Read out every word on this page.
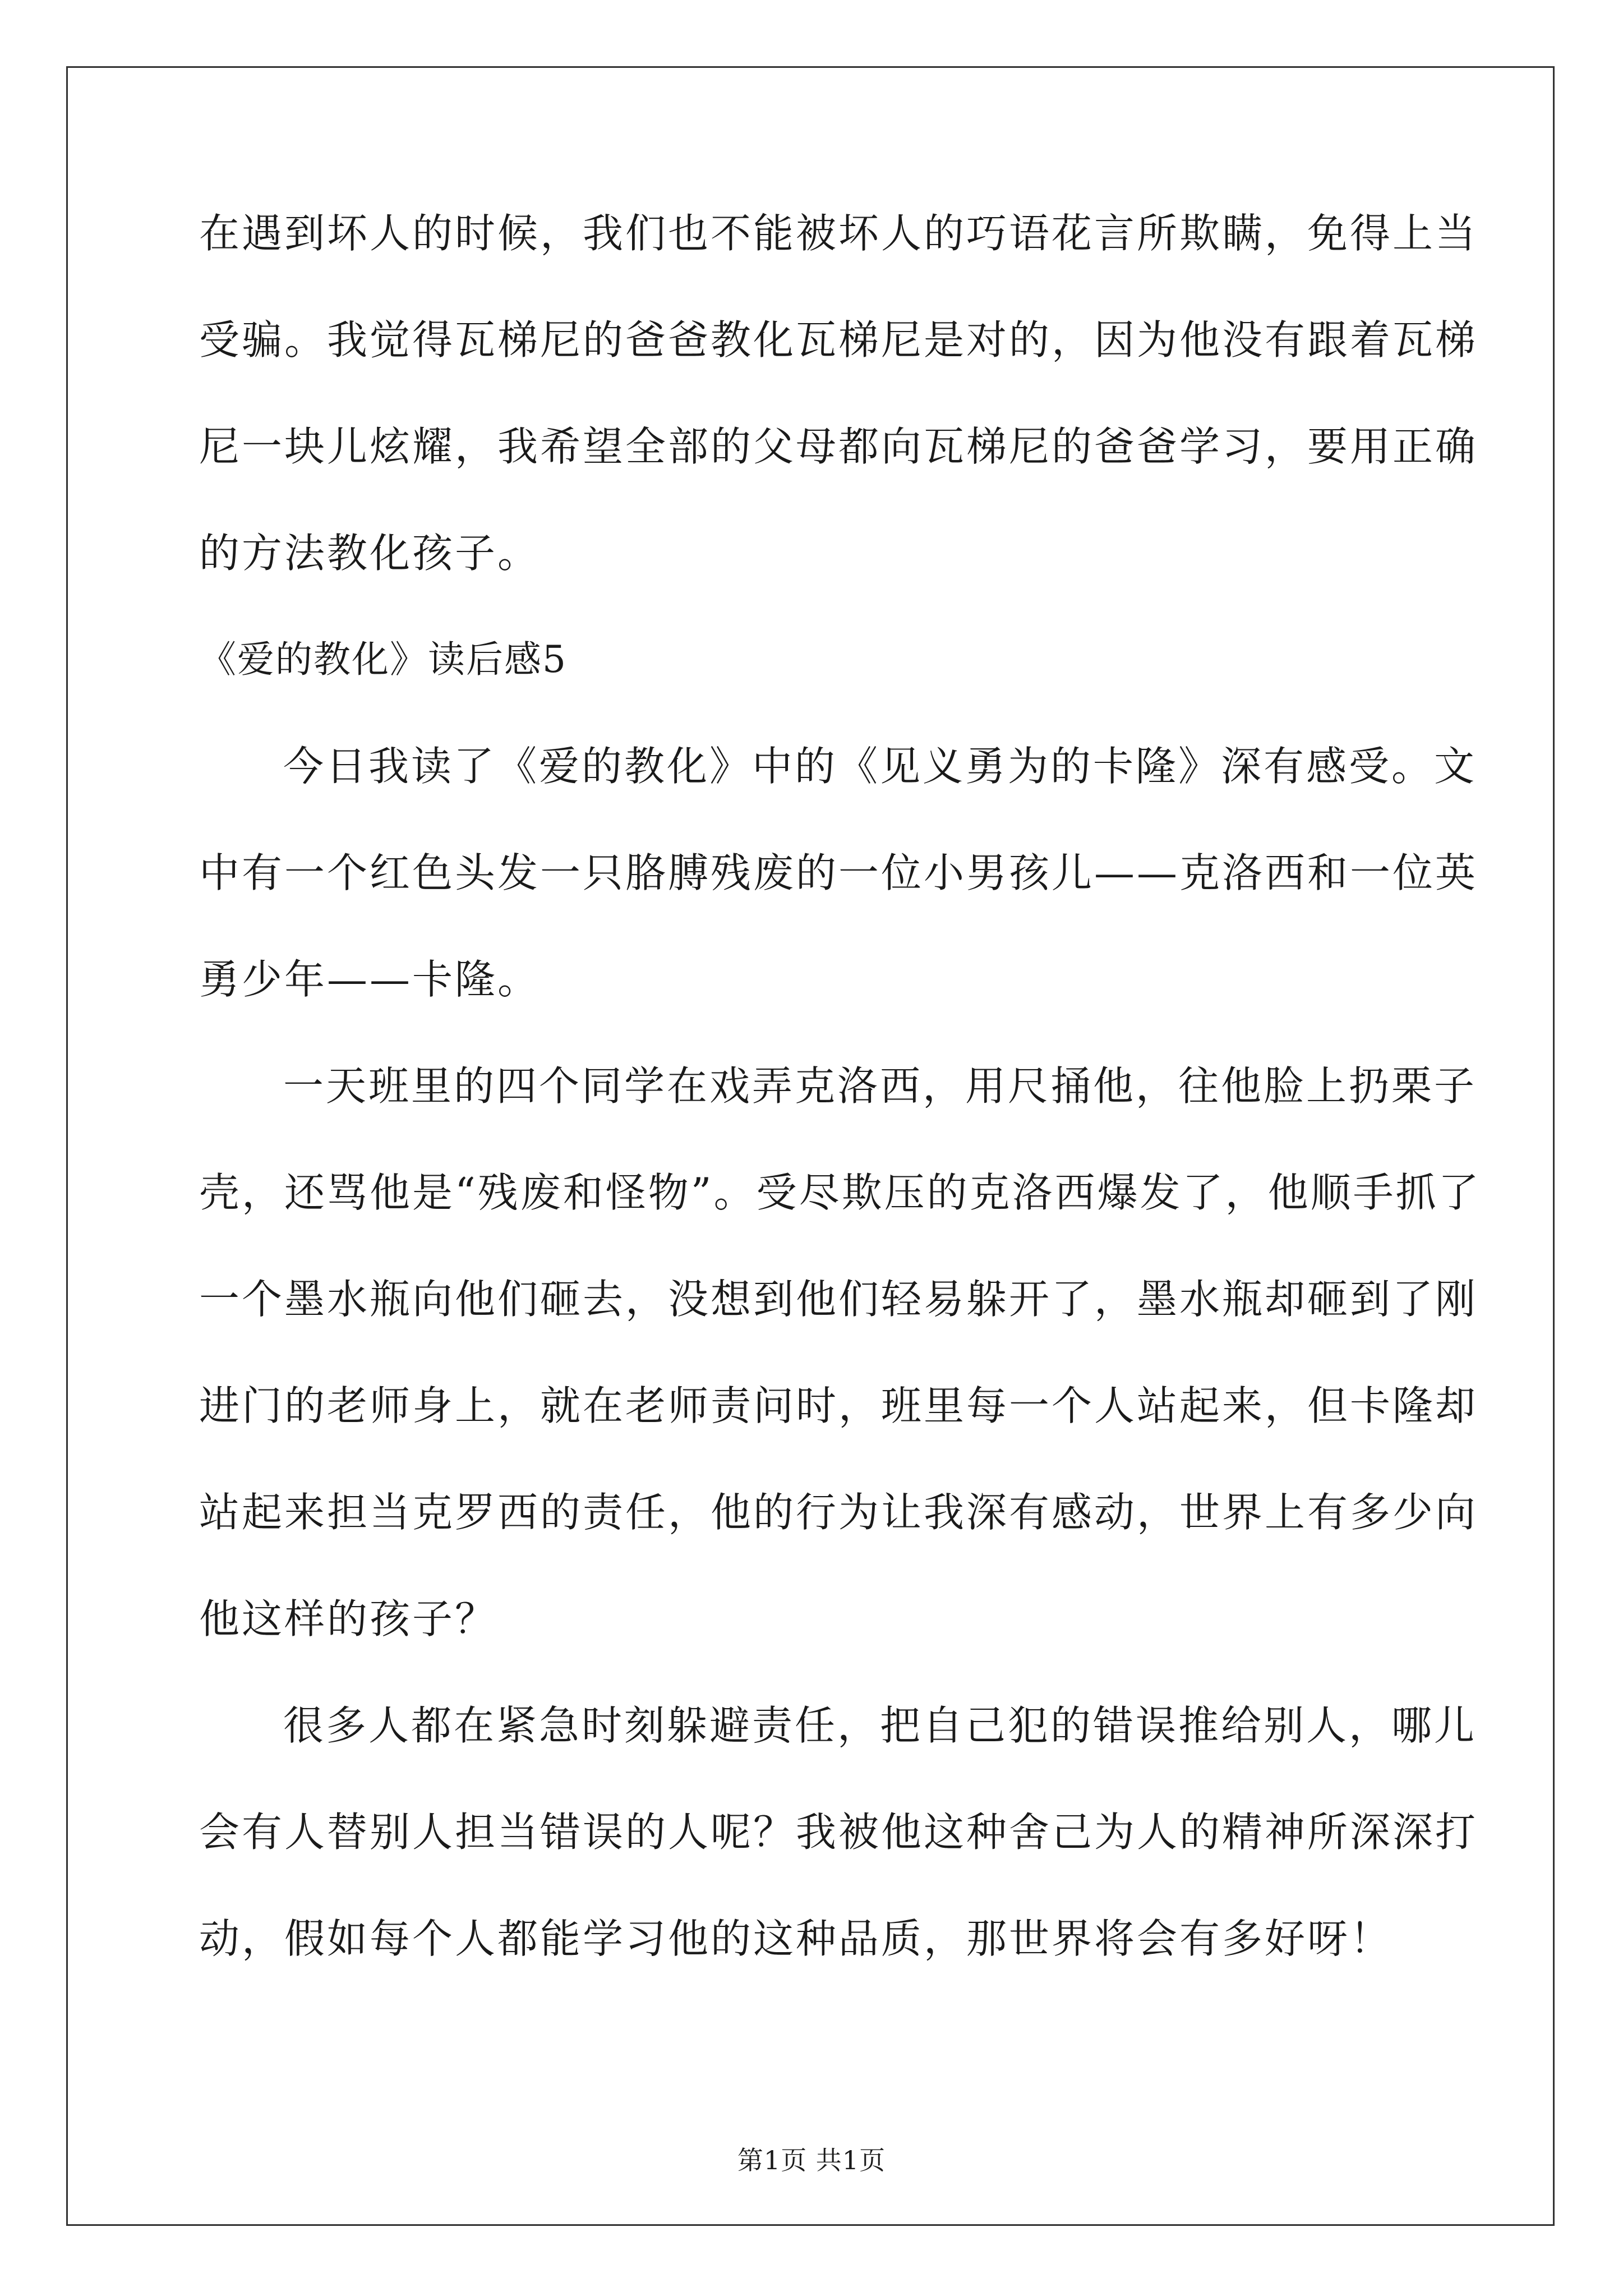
在遇到坏人的时候，我们也不能被坏人的巧语花言所欺瞒，免得上当
受骗。我觉得瓦梯尼的爸爸教化瓦梯尼是对的，因为他没有跟着瓦梯
尼一块儿炫耀，我希望全部的父母都向瓦梯尼的爸爸学习，要用正确
的方法教化孩子。
《爱的教化》读后感5
今日我读了《爱的教化》中的《见义勇为的卡隆》深有感受。文
中有一个红色头发一只胳膊残废的一位小男孩儿——克洛西和一位英
勇少年——卡隆。
一天班里的四个同学在戏弄克洛西，用尺捅他，往他脸上扔栗子
壳，还骂他是“残废和怪物”。受尽欺压的克洛西爆发了，他顺手抓了
一个墨水瓶向他们砸去，没想到他们轻易躲开了，墨水瓶却砸到了刚
进门的老师身上，就在老师责问时，班里每一个人站起来，但卡隆却
站起来担当克罗西的责任，他的行为让我深有感动，世界上有多少向
他这样的孩子？
很多人都在紧急时刻躲避责任，把自己犯的错误推给别人，哪儿
会有人替别人担当错误的人呢？我被他这种舍己为人的精神所深深打
动，假如每个人都能学习他的这种品质，那世界将会有多好呀！
第1页 共1页
